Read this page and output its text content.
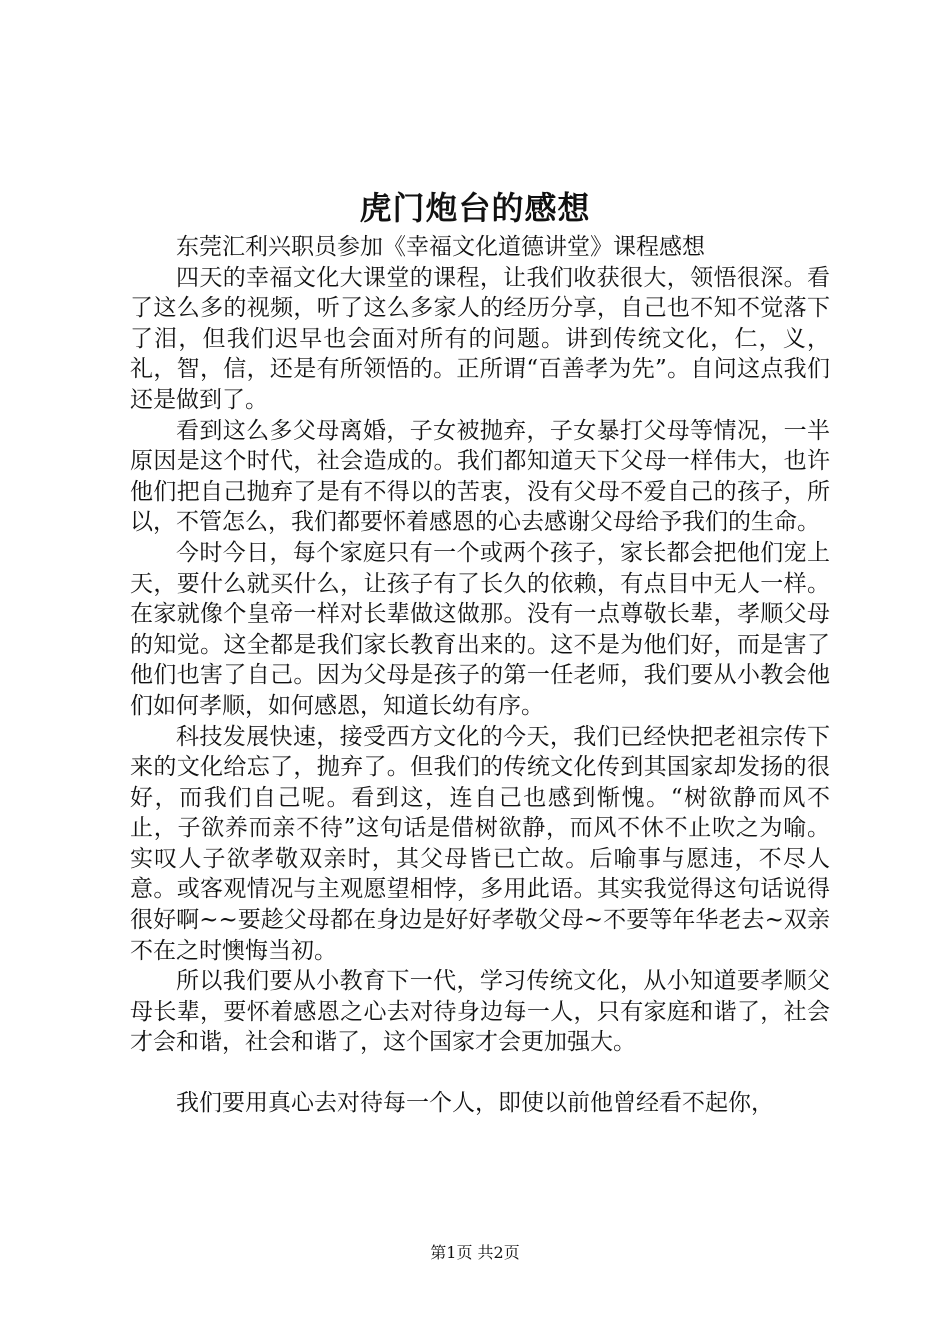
虎门炮台的感想

东莞汇利兴职员参加《幸福文化道德讲堂》课程感想

四天的幸福文化大课堂的课程，让我们收获很大，领悟很深。看了这么多的视频，听了这么多家人的经历分享，自己也不知不觉落下了泪，但我们迟早也会面对所有的问题。讲到传统文化，仁，义，礼，智，信，还是有所领悟的。正所谓“百善孝为先”。自问这点我们还是做到了。

看到这么多父母离婚，子女被抛弃，子女暴打父母等情况，一半原因是这个时代，社会造成的。我们都知道天下父母一样伟大，也许他们把自己抛弃了是有不得以的苦衷，没有父母不爱自己的孩子，所以，不管怎么，我们都要怀着感恩的心去感谢父母给予我们的生命。

今时今日，每个家庭只有一个或两个孩子，家长都会把他们宠上天，要什么就买什么，让孩子有了长久的依赖，有点目中无人一样。在家就像个皇帝一样对长辈做这做那。没有一点尊敬长辈，孝顺父母的知觉。这全都是我们家长教育出来的。这不是为他们好，而是害了他们也害了自己。因为父母是孩子的第一任老师，我们要从小教会他们如何孝顺，如何感恩，知道长幼有序。

科技发展快速，接受西方文化的今天，我们已经快把老祖宗传下来的文化给忘了，抛弃了。但我们的传统文化传到其国家却发扬的很好，而我们自己呢。看到这，连自己也感到惭愧。“树欲静而风不止，子欲养而亲不待”这句话是借树欲静，而风不休不止吹之为喻。实叹人子欲孝敬双亲时，其父母皆已亡故。后喻事与愿违，不尽人意。或客观情况与主观愿望相悖，多用此语。其实我觉得这句话说得很好啊~~要趁父母都在身边是好好孝敬父母~不要等年华老去~双亲不在之时懊悔当初。

所以我们要从小教育下一代，学习传统文化，从小知道要孝顺父母长辈，要怀着感恩之心去对待身边每一人，只有家庭和谐了，社会才会和谐，社会和谐了，这个国家才会更加强大。

我们要用真心去对待每一个人，即使以前他曾经看不起你，

第1页 共2页
